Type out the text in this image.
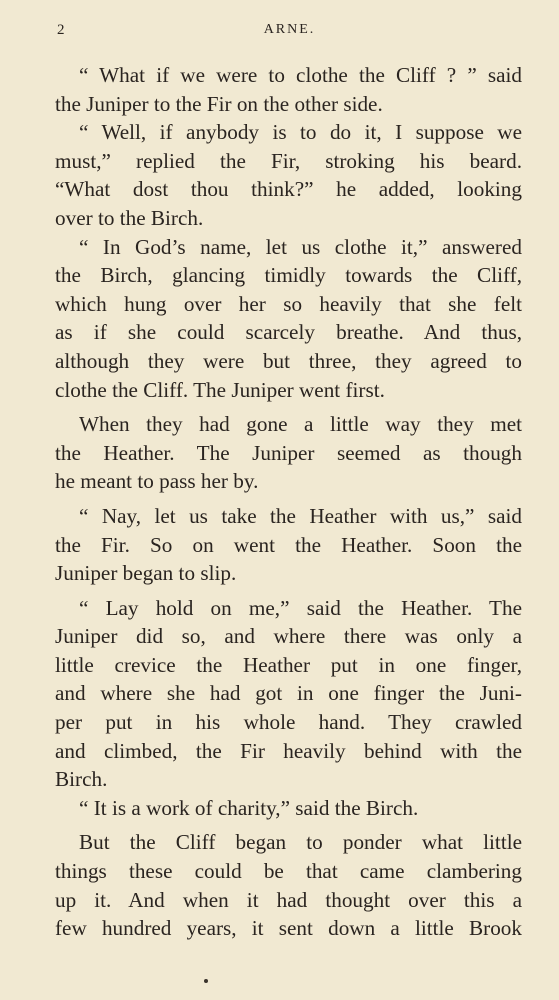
2	ARNE.
“ What if we were to clothe the Cliff ? ” said
the Juniper to the Fir on the other side.
“ Well, if anybody is to do it, I suppose we
must,” replied the Fir, stroking his beard.
“What dost thou think?” he added, looking
over to the Birch.
“ In God’s name, let us clothe it,” answered
the Birch, glancing timidly towards the Cliff,
which hung over her so heavily that she felt
as if she could scarcely breathe. And thus,
although they were but three, they agreed to
clothe the Cliff. The Juniper went first.
When they had gone a little way they met
the Heather. The Juniper seemed as though
he meant to pass her by.
“ Nay, let us take the Heather with us,” said
the Fir. So on went the Heather. Soon the
Juniper began to slip.
“ Lay hold on me,” said the Heather. The
Juniper did so, and where there was only a
little crevice the Heather put in one finger,
and where she had got in one finger the Juni-
per put in his whole hand. They crawled
and climbed, the Fir heavily behind with the
Birch.
“ It is a work of charity,” said the Birch.
But the Cliff began to ponder what little
things these could be that came clambering
up it. And when it had thought over this a
few hundred years, it sent down a little Brook
